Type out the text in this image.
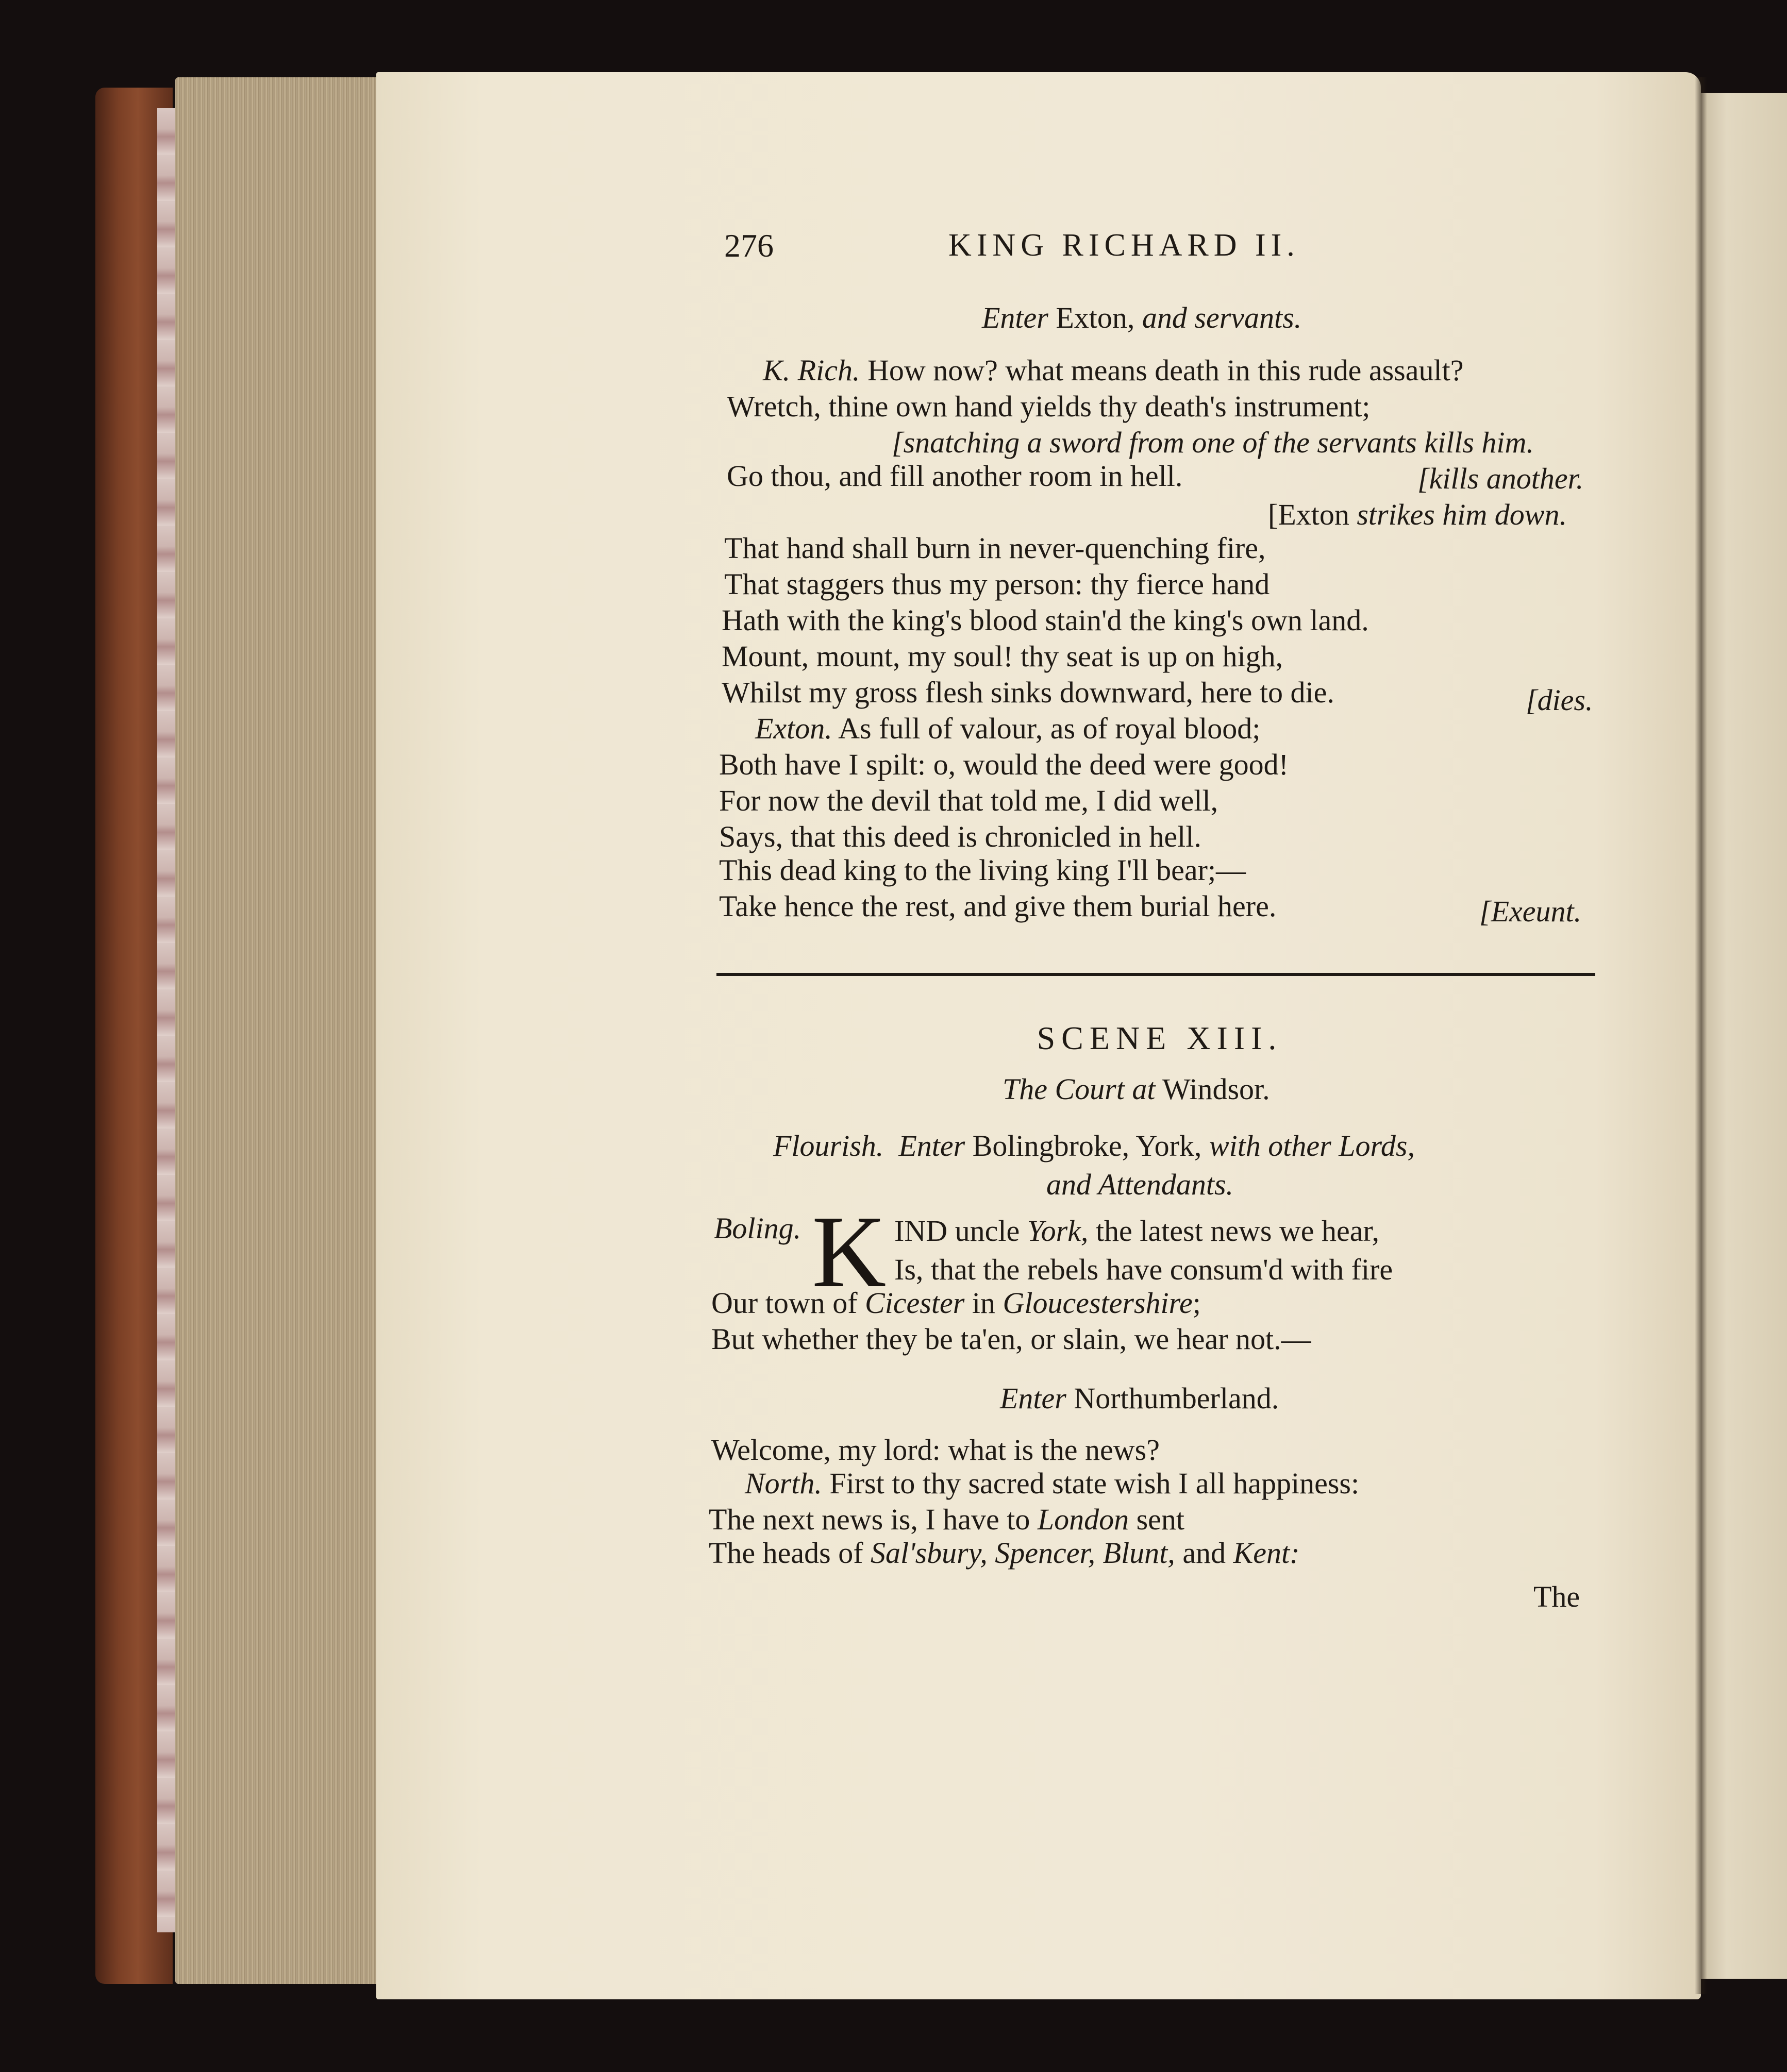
276	KING RICHARD II.
Enter Exton, and servants.
K. Rich. How now? what means death in this rude assault?
Wretch, thine own hand yields thy death's instrument;
[snatching a sword from one of the servants kills him.
Go thou, and fill another room in hell.	[kills another.
[Exton strikes him down.
That hand shall burn in never-quenching fire,
That staggers thus my person: thy fierce hand
Hath with the king's blood stain'd the king's own land.
Mount, mount, my soul! thy seat is up on high,
Whilst my gross flesh sinks downward, here to die.	[dies.
Exton. As full of valour, as of royal blood;
Both have I spilt: o, would the deed were good!
For now the devil that told me, I did well,
Says, that this deed is chronicled in hell.
This dead king to the living king I'll bear;—
Take hence the rest, and give them burial here.	[Exeunt.
SCENE XIII.
The Court at Windsor.
Flourish. Enter Bolingbroke, York, with other Lords,
and Attendants.
Boling. K IND uncle York, the latest news we hear,
Is, that the rebels have consum'd with fire
Our town of Cicester in Gloucestershire;
But whether they be ta'en, or slain, we hear not.—
Enter Northumberland.
Welcome, my lord: what is the news?
North. First to thy sacred state wish I all happiness:
The next news is, I have to London sent
The heads of Sal'sbury, Spencer, Blunt, and Kent:
The
